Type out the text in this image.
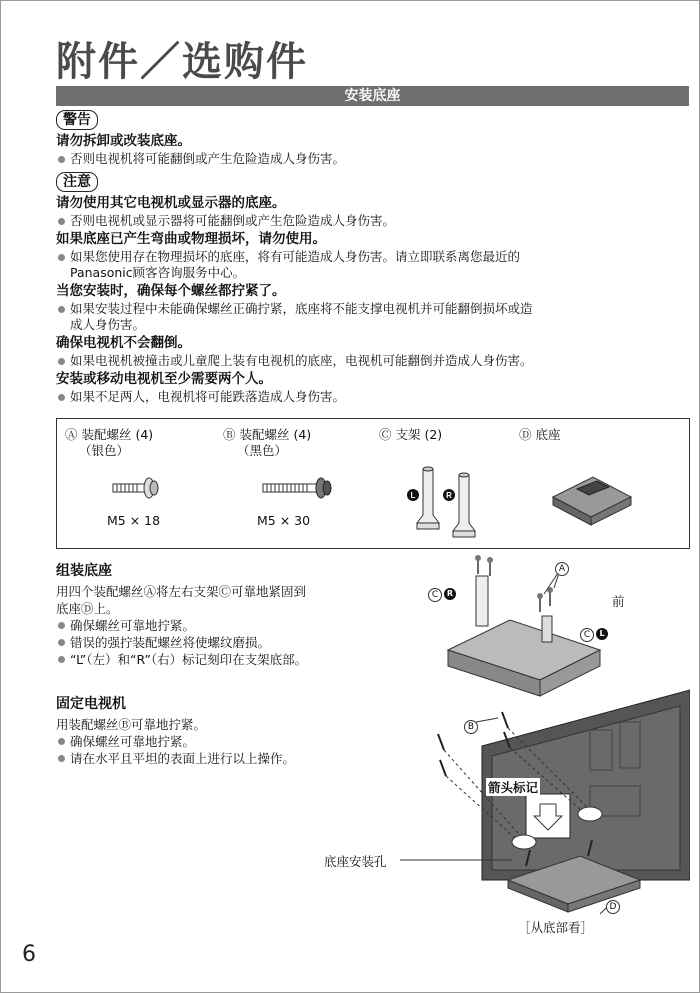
附件／选购件
安装底座
警告
请勿拆卸或改装底座。
否则电视机将可能翻倒或产生危险造成人身伤害。
注意
请勿使用其它电视机或显示器的底座。
否则电视机或显示器将可能翻倒或产生危险造成人身伤害。
如果底座已产生弯曲或物理损坏，请勿使用。
如果您使用存在物理损坏的底座，将有可能造成人身伤害。请立即联系离您最近的
Panasonic顾客咨询服务中心。
当您安装时，确保每个螺丝都拧紧了。
如果安装过程中未能确保螺丝正确拧紧，底座将不能支撑电视机并可能翻倒损坏或造
成人身伤害。
确保电视机不会翻倒。
如果电视机被撞击或儿童爬上装有电视机的底座，电视机可能翻倒并造成人身伤害。
安装或移动电视机至少需要两个人。
如果不足两人，电视机将可能跌落造成人身伤害。
Ⓐ 装配螺丝 (4)
（银色）
Ⓑ 装配螺丝 (4)
（黑色）
Ⓒ 支架 (2)	Ⓓ 底座
M5 × 18	M5 × 30
L	R
组装底座
用四个装配螺丝Ⓐ将左右支架Ⓒ可靠地紧固到
底座Ⓓ上。
确保螺丝可靠地拧紧。
错误的强拧装配螺丝将使螺纹磨损。
“L”（左）和“R”（右）标记刻印在支架底部。
固定电视机
用装配螺丝Ⓑ可靠地拧紧。
确保螺丝可靠地拧紧。
请在水平且平坦的表面上进行以上操作。
前
箭头标记
底座安装孔
［从底部看］
A
C	R
C	L
B
D
6
